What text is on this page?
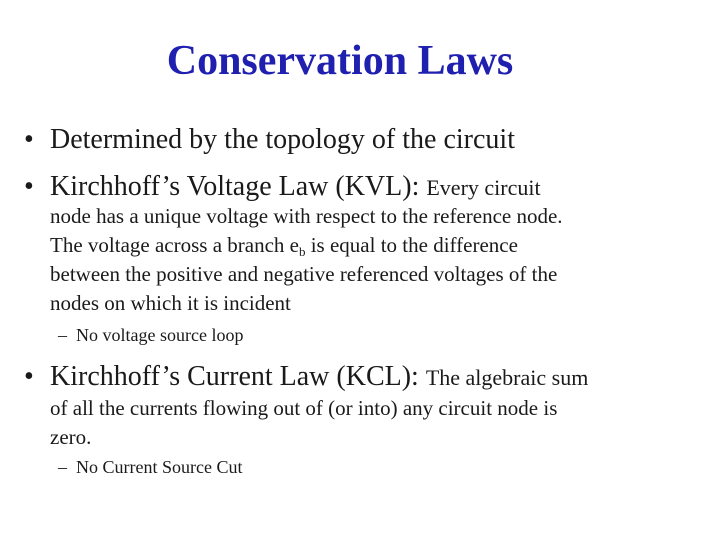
Conservation Laws
• Determined by the topology of the circuit
• Kirchhoff’s Voltage Law (KVL): Every circuit
node has a unique voltage with respect to the reference node.
The voltage across a branch $e_b$ is equal to the difference
between the positive and negative referenced voltages of the
nodes on which it is incident
– No voltage source loop
• Kirchhoff’s Current Law (KCL): The algebraic sum
of all the currents flowing out of (or into) any circuit node is
zero.
– No Current Source Cut
